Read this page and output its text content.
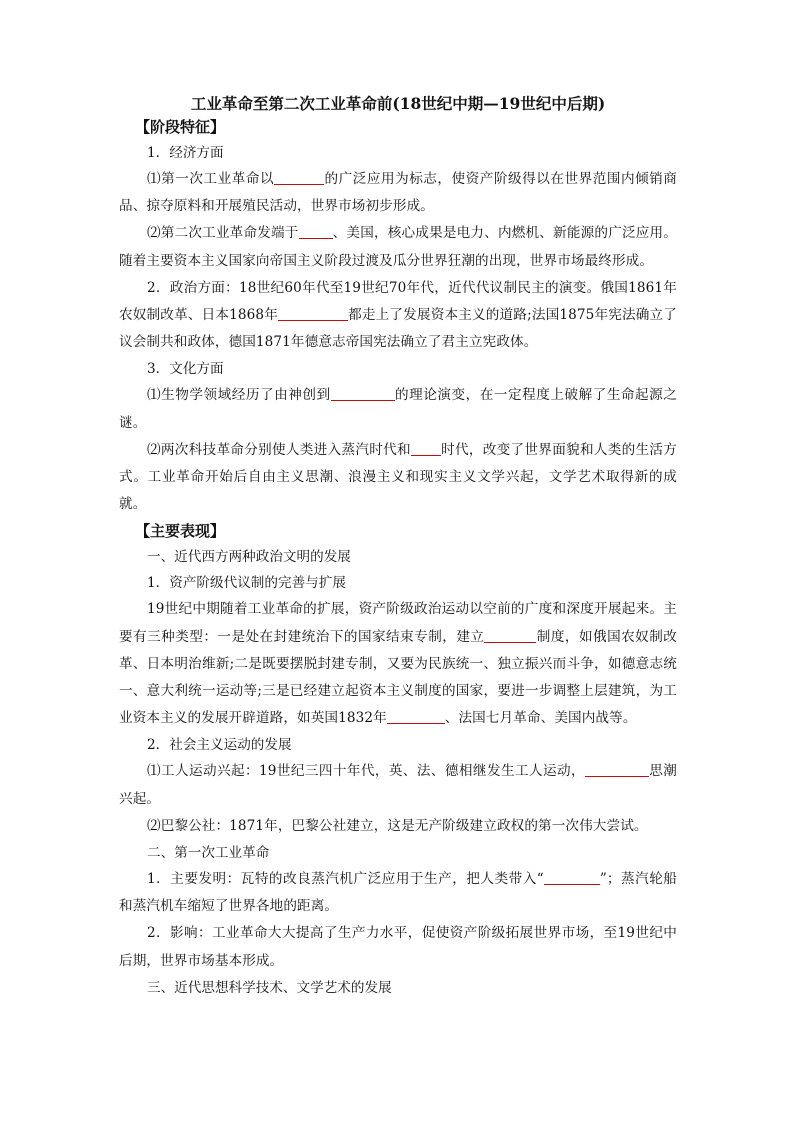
工业革命至第二次工业革命前(18世纪中期—19世纪中后期)
【阶段特征】
1．经济方面

⑴第一次工业革命以	的广泛应用为标志，使资产阶级得以在世界范围内倾销商品、掠夺原料和开展殖民活动，世界市场初步形成。

⑵第二次工业革命发端于	、美国，核心成果是电力、内燃机、新能源的广泛应用。随着主要资本主义国家向帝国主义阶段过渡及瓜分世界狂潮的出现，世界市场最终形成。

2．政治方面：18世纪60年代至19世纪70年代，近代代议制民主的演变。俄国1861年农奴制改革、日本1868年	都走上了发展资本主义的道路;法国1875年宪法确立了议会制共和政体，德国1871年德意志帝国宪法确立了君主立宪政体。

3．文化方面

⑴生物学领域经历了由神创到	的理论演变，在一定程度上破解了生命起源之谜。

⑵两次科技革命分别使人类进入蒸汽时代和 时代，改变了世界面貌和人类的生活方式。工业革命开始后自由主义思潮、浪漫主义和现实主义文学兴起，文学艺术取得新的成就。

【主要表现】
一、近代西方两种政治文明的发展
1．资产阶级代议制的完善与扩展

19世纪中期随着工业革命的扩展，资产阶级政治运动以空前的广度和深度开展起来。主要有三种类型：一是处在封建统治下的国家结束专制，建立	制度，如俄国农奴制改革、日本明治维新;二是既要摆脱封建专制，又要为民族统一、独立振兴而斗争，如德意志统一、意大利统一运动等;三是已经建立起资本主义制度的国家，要进一步调整上层建筑，为工业资本主义的发展开辟道路，如英国1832年	、法国七月革命、美国内战等。

2．社会主义运动的发展

⑴工人运动兴起：19世纪三四十年代，英、法、德相继发生工人运动，	思潮兴起。

⑵巴黎公社：1871年，巴黎公社建立，这是无产阶级建立政权的第一次伟大尝试。

二、第一次工业革命

1．主要发明：瓦特的改良蒸汽机广泛应用于生产，把人类带入“	”；蒸汽轮船和蒸汽机车缩短了世界各地的距离。

2．影响：工业革命大大提高了生产力水平，促使资产阶级拓展世界市场，至19世纪中后期，世界市场基本形成。

三、近代思想科学技术、文学艺术的发展
